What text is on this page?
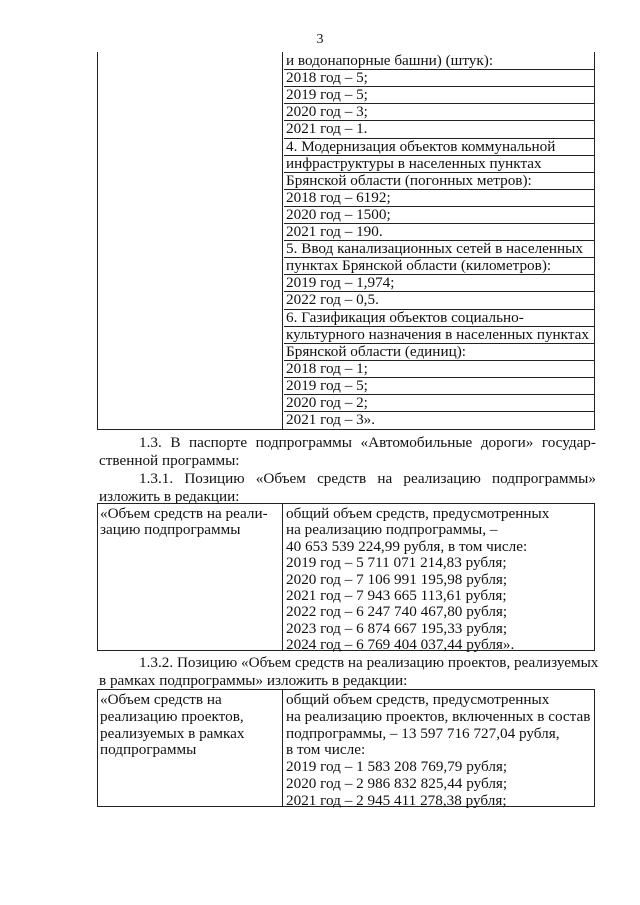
3
и водонапорные башни) (штук):
2018 год – 5;
2019 год – 5;
2020 год – 3;
2021 год – 1.
4. Модернизация объектов коммунальной
инфраструктуры в населенных пунктах
Брянской области (погонных метров):
2018 год – 6192;
2020 год – 1500;
2021 год – 190.
5. Ввод канализационных сетей в населенных
пунктах Брянской области (километров):
2019 год – 1,974;
2022 год – 0,5.
6. Газификация объектов социально-
культурного назначения в населенных пунктах
Брянской области (единиц):
2018 год – 1;
2019 год – 5;
2020 год – 2;
2021 год – 3».
1.3. В паспорте подпрограммы «Автомобильные дороги» государ-
ственной программы:
1.3.1. Позицию «Объем средств на реализацию подпрограммы»
изложить в редакции:
«Объем средств на реали-
зацию подпрограммы
общий объем средств, предусмотренных
на реализацию подпрограммы, –
40 653 539 224,99 рубля, в том числе:
2019 год – 5 711 071 214,83 рубля;
2020 год – 7 106 991 195,98 рубля;
2021 год – 7 943 665 113,61 рубля;
2022 год – 6 247 740 467,80 рубля;
2023 год – 6 874 667 195,33 рубля;
2024 год – 6 769 404 037,44 рубля».
1.3.2. Позицию «Объем средств на реализацию проектов, реализуемых
в рамках подпрограммы» изложить в редакции:
«Объем средств на
реализацию проектов,
реализуемых в рамках
подпрограммы
общий объем средств, предусмотренных
на реализацию проектов, включенных в состав
подпрограммы, – 13 597 716 727,04 рубля,
в том числе:
2019 год – 1 583 208 769,79 рубля;
2020 год – 2 986 832 825,44 рубля;
2021 год – 2 945 411 278,38 рубля;
